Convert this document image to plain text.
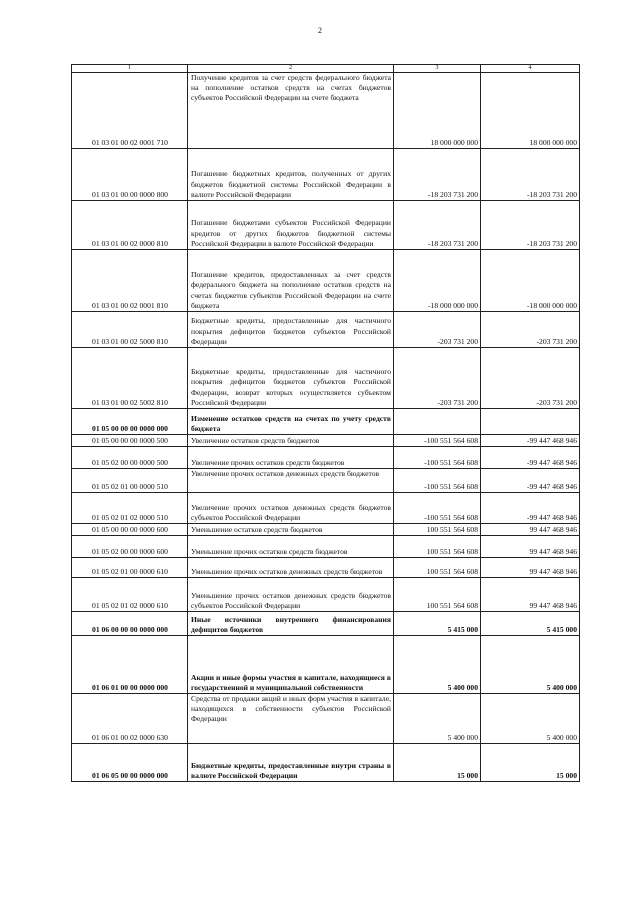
2
1	2	3	4
01 03 01 00 02 0001 710	Получение кредитов за счет средств федерального бюджета на пополнение остатков средств на счетах бюджетов субъектов Российской Федерации на счете бюджета	18 000 000 000	18 000 000 000
01 03 01 00 00 0000 800	Погашение бюджетных кредитов, полученных от других бюджетов бюджетной системы Российской Федерации в валюте Российской Федерации	-18 203 731 200	-18 203 731 200
01 03 01 00 02 0000 810	Погашение бюджетами субъектов Российской Федерации кредитов от других бюджетов бюджетной системы Российской Федерации в валюте Российской Федерации	-18 203 731 200	-18 203 731 200
01 03 01 00 02 0001 810	Погашение кредитов, предоставленных за счет средств федерального бюджета на пополнение остатков средств на счетах бюджетов субъектов Российской Федерации на счете бюджета	-18 000 000 000	-18 000 000 000
01 03 01 00 02 5000 810	Бюджетные кредиты, предоставленные для частичного покрытия дефицитов бюджетов субъектов Российской Федерации	-203 731 200	-203 731 200
01 03 01 00 02 5002 810	Бюджетные кредиты, предоставленные для частичного покрытия дефицитов бюджетов субъектов Российской Федерации, возврат которых осуществляется субъектом Российской Федерации	-203 731 200	-203 731 200
01 05 00 00 00 0000 000	Изменение остатков средств на счетах по учету средств бюджета		
01 05 00 00 00 0000 500	Увеличение остатков средств бюджетов	-100 551 564 608	-99 447 468 946
01 05 02 00 00 0000 500	Увеличение прочих остатков средств бюджетов	-100 551 564 608	-99 447 468 946
01 05 02 01 00 0000 510	Увеличение прочих остатков денежных средств бюджетов	-100 551 564 608	-99 447 468 946
01 05 02 01 02 0000 510	Увеличение прочих остатков денежных средств бюджетов субъектов Российской Федерации	-100 551 564 608	-99 447 468 946
01 05 00 00 00 0000 600	Уменьшение остатков средств бюджетов	100 551 564 608	99 447 468 946
01 05 02 00 00 0000 600	Уменьшение прочих остатков средств бюджетов	100 551 564 608	99 447 468 946
01 05 02 01 00 0000 610	Уменьшение прочих остатков денежных средств бюджетов	100 551 564 608	99 447 468 946
01 05 02 01 02 0000 610	Уменьшение прочих остатков денежных средств бюджетов субъектов Российской Федерации	100 551 564 608	99 447 468 946
01 06 00 00 00 0000 000	Иные источники внутреннего финансирования дефицитов бюджетов	5 415 000	5 415 000
01 06 01 00 00 0000 000	Акции и иные формы участия в капитале, находящиеся в государственной и муниципальной собственности	5 400 000	5 400 000
01 06 01 00 02 0000 630	Средства от продажи акций и иных форм участия в капитале, находящихся в собственности субъектов Российской Федерации	5 400 000	5 400 000
01 06 05 00 00 0000 000	Бюджетные кредиты, предоставленные внутри страны в валюте Российской Федерации	15 000	15 000
